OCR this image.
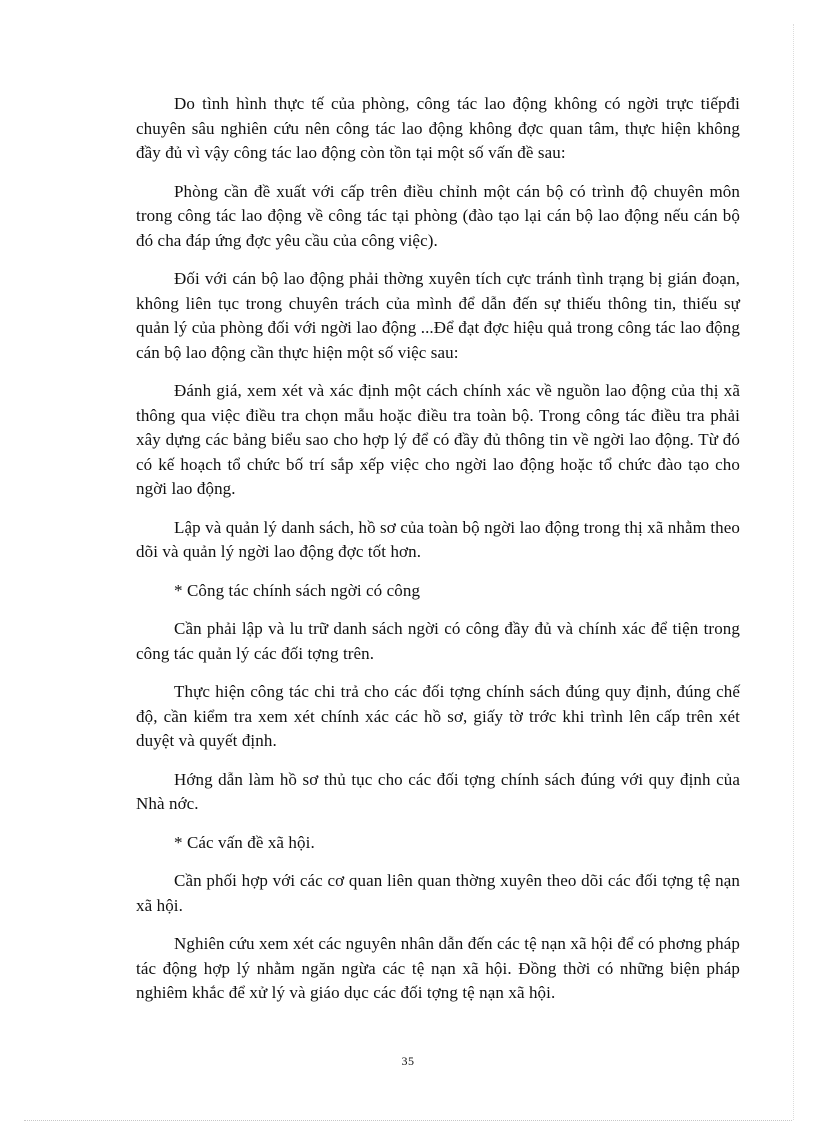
Do tình hình thực tế của phòng, công tác lao động không có ngời trực tiếpđi chuyên sâu nghiên cứu nên công tác lao động không đợc quan tâm, thực hiện không đầy đủ vì vậy công tác lao động còn tồn tại một số vấn đề sau:

Phòng cần đề xuất với cấp trên điều chỉnh một cán bộ có trình độ chuyên môn trong công tác lao động về công tác tại phòng (đào tạo lại cán bộ lao động nếu cán bộ đó cha đáp ứng đợc yêu cầu của công việc).

Đối với cán bộ lao động phải thờng xuyên tích cực tránh tình trạng bị gián đoạn, không liên tục trong chuyên trách của mình để dẫn đến sự thiếu thông tin, thiếu sự quản lý của phòng đối với ngời lao động ...Để đạt đợc hiệu quả trong công tác lao động cán bộ lao động cần thực hiện một số việc sau:

Đánh giá, xem xét và xác định một cách chính xác về nguồn lao động của thị xã thông qua việc điều tra chọn mẫu hoặc điều tra toàn bộ. Trong công tác điều tra phải xây dựng các bảng biểu sao cho hợp lý để có đầy đủ thông tin về ngời lao động. Từ đó có kế hoạch tổ chức bố trí sắp xếp việc cho ngời lao động hoặc tổ chức đào tạo cho ngời lao động.

Lập và quản lý danh sách, hồ sơ của toàn bộ ngời lao động trong thị xã nhằm theo dõi và quản lý ngời lao động đợc tốt hơn.

* Công tác chính sách ngời có công

Cần phải lập và lu trữ danh sách ngời có công đầy đủ và chính xác để tiện trong công tác quản lý các đối tợng trên.

Thực hiện công tác chi trả cho các đối tợng chính sách đúng quy định, đúng chế độ, cần kiểm tra xem xét chính xác các hồ sơ, giấy tờ trớc khi trình lên cấp trên xét duyệt và quyết định.

Hớng dẫn làm hồ sơ thủ tục cho các đối tợng chính sách đúng với quy định của Nhà nớc.

* Các vấn đề xã hội.

Cần phối hợp với các cơ quan liên quan thờng xuyên theo dõi các đối tợng tệ nạn xã hội.

Nghiên cứu xem xét các nguyên nhân dẫn đến các tệ nạn xã hội để có phơng pháp tác động hợp lý nhằm ngăn ngừa các tệ nạn xã hội. Đồng thời có những biện pháp nghiêm khắc để xử lý và giáo dục các đối tợng tệ nạn xã hội.

35
